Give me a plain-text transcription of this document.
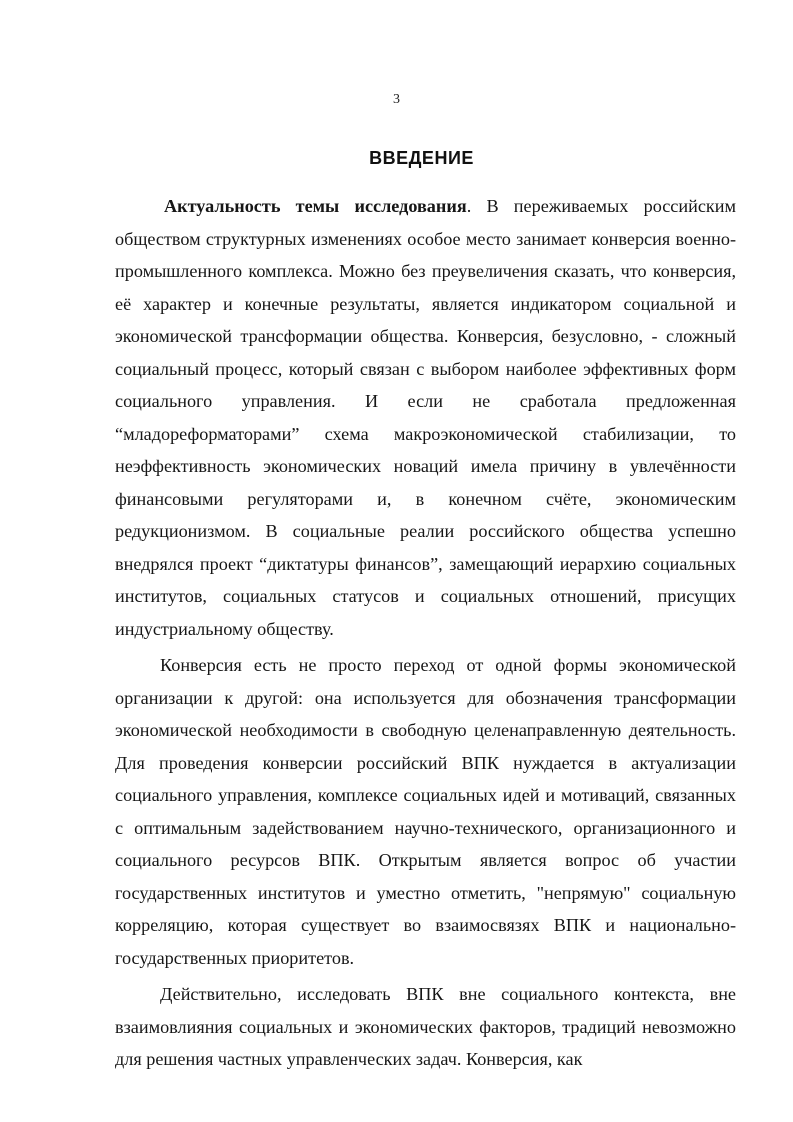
3
ВВЕДЕНИЕ

Актуальность темы исследования. В переживаемых российским обществом структурных изменениях особое место занимает конверсия военно-промышленного комплекса. Можно без преувеличения сказать, что конверсия, её характер и конечные результаты, является индикатором социальной и экономической трансформации общества. Конверсия, безусловно, - сложный социальный процесс, который связан с выбором наиболее эффективных форм социального управления. И если не сработала предложенная “младореформаторами” схема макроэкономической стабилизации, то неэффективность экономических новаций имела причину в увлечённости финансовыми регуляторами и, в конечном счёте, экономическим редукционизмом. В социальные реалии российского общества успешно внедрялся проект “диктатуры финансов”, замещающий иерархию социальных институтов, социальных статусов и социальных отношений, присущих индустриальному обществу.

Конверсия есть не просто переход от одной формы экономической организации к другой: она используется для обозначения трансформации экономической необходимости в свободную целенаправленную деятельность. Для проведения конверсии российский ВПК нуждается в актуализации социального управления, комплексе социальных идей и мотиваций, связанных с оптимальным задействованием научно-технического, организационного и социального ресурсов ВПК. Открытым является вопрос об участии государственных институтов и уместно отметить, "непрямую" социальную корреляцию, которая существует во взаимосвязях ВПК и национально-государственных приоритетов.

Действительно, исследовать ВПК вне социального контекста, вне взаимовлияния социальных и экономических факторов, традиций невозможно для решения частных управленческих задач. Конверсия, как
